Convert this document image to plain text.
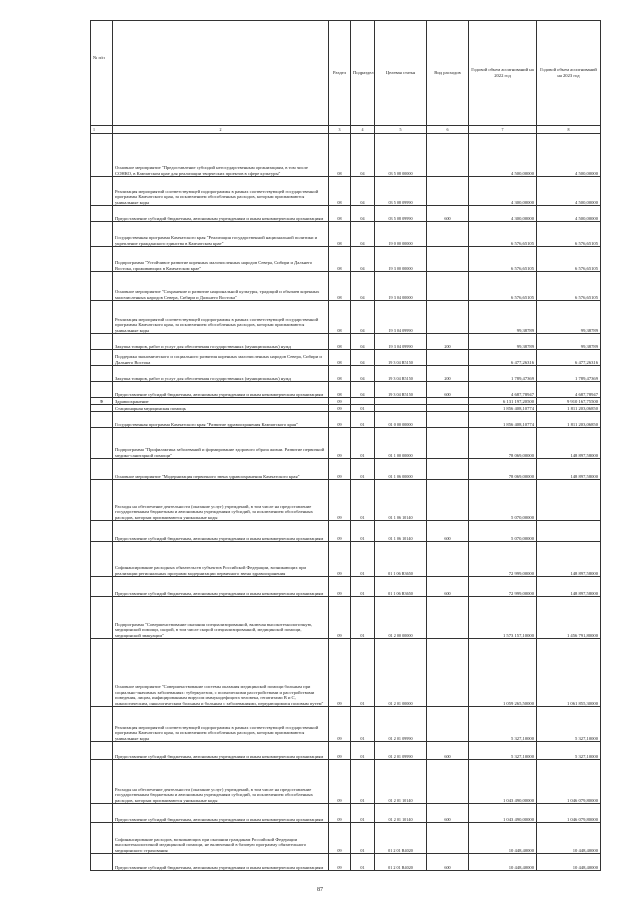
№ п/п		Раздел	Подраздел	Целевая статья	Вид расходов	Годовой объем ассигнований на 2022 год	Годовой объем ассигнований на 2023 год
1	2	3	4	5	6	7	8
	Основное мероприятие "Предоставление субсидий негосударственным организациям, в том числе СОНКО, в Камчатском крае для реализации творческих проектов в сфере культуры"	08	04	03 5 08 00000		4 500,00000	4 500,00000
	Реализация мероприятий соответствующей подпрограммы в рамках соответствующей государственной программы Камчатского края, за исключением обособленных расходов, которым присваиваются уникальные коды	08	04	03 5 08 09990		4 300,00000	4 500,00000
	Предоставление субсидий бюджетным, автономным учреждениям и иным некоммерческим организациям	08	04	03 5 08 09990	600	4 300,00000	4 500,00000
	Государственная программа Камчатского края "Реализация государственной национальной политики и укрепление гражданского единства в Камчатском крае"	08	04	19 0 00 00000		6 576,65105	6 576,65105
	Подпрограмма "Устойчивое развитие коренных малочисленных народов Севера, Сибири и Дальнего Востока, проживающих в Камчатском крае"	08	04	19 3 00 00000		6 576,65105	6 576,65105
	Основное мероприятие "Сохранение и развитие национальной культуры, традиций и обычаев коренных малочисленных народов Севера, Сибири и Дальнего Востока"	08	04	19 3 04 00000		6 576,65105	6 576,65105
	Реализация мероприятий соответствующей подпрограммы в рамках соответствующей государственной программы Камчатского края, за исключением обособленных расходов, которым присваиваются уникальные коды	08	04	19 3 04 09990		99,38789	99,38789
	Закупка товаров, работ и услуг для обеспечения государственных (муниципальных) нужд	08	04	19 3 04 09990	200	99,38789	99,38789
	Поддержка экономического и социального развития коренных малочисленных народов Севера, Сибири и Дальнего Востока	08	04	19 3 04 R5150		6 477,26316	6 477,26316
	Закупка товаров, работ и услуг для обеспечения государственных (муниципальных) нужд	08	04	19 3 04 R5150	200	1 789,47369	1 789,47369
	Предоставление субсидий бюджетным, автономным учреждениям и иным некоммерческим организациям	08	04	19 3 04 R5150	600	4 687,78947	4 687,78947
9	Здравоохранение	09				6 131 197,20500	9 910 167,75500
	Стационарная медицинская помощь	09	01			1 856 408,10774	1 811 203,06850
	Государственная программа Камчатского края "Развитие здравоохранения Камчатского края"	09	01	01 0 00 00000		1 856 408,10774	1 811 203,06850
	Подпрограмма "Профилактика заболеваний и формирование здорового образа жизни. Развитие первичной медико-санитарной помощи"	09	01	01 1 00 00000		78 069,00000	148 897,58000
	Основное мероприятие "Модернизация первичного звена здравоохранения Камчатского края"	09	01	01 1 06 00000		78 069,00000	148 897,58000
	Расходы на обеспечение деятельности (оказание услуг) учреждений, в том числе на предоставление государственным бюджетным и автономным учреждениям субсидий, за исключением обособленных расходов, которым присваиваются уникальные коды	09	01	01 1 06 10140		5 070,00000	
	Предоставление субсидий бюджетным, автономным учреждениям и иным некоммерческим организациям	09	01	01 1 06 10140	600	5 070,00000	
	Софинансирование расходных обязательств субъектов Российской Федерации, возникающих при реализации региональных программ модернизации первичного звена здравоохранения	09	01	01 1 06 R3650		72 999,00000	148 897,58000
	Предоставление субсидий бюджетным, автономным учреждениям и иным некоммерческим организациям	09	01	01 1 06 R3650	600	72 999,00000	148 897,58000
	Подпрограмма "Совершенствование оказания специализированной, включая высокотехнологичную, медицинской помощи, скорой, в том числе скорой специализированной, медицинской помощи, медицинской эвакуации"	09	01	01 2 00 00000		1 573 157,10000	1 456 791,80000
	Основное мероприятие "Совершенствование системы оказания медицинской помощи больным при социально-значимых заболеваниях: туберкулезом, с психическими расстройствами и расстройствами поведения, лицам, инфицированным вирусом иммунодефицита человека, гепатитами B и C, онкологическим, онкологическим больным и больным с заболеваниями, передающимися половым путем"	09	01	01 2 01 00000		1 059 265,50000	1 061 855,30000
	Реализация мероприятий соответствующей подпрограммы в рамках соответствующей государственной программы Камчатского края, за исключением обособленных расходов, которым присваиваются уникальные коды	09	01	01 2 01 09990		5 327,10000	5 327,10000
	Предоставление субсидий бюджетным, автономным учреждениям и иным некоммерческим организациям	09	01	01 2 01 09990	600	5 327,10000	5 327,10000
	Расходы на обеспечение деятельности (оказание услуг) учреждений, в том числе на предоставление государственным бюджетным и автономным учреждениям субсидий, за исключением обособленных расходов, которым присваиваются уникальные коды	09	01	01 2 01 10140		1 043 490,00000	1 046 079,80000
	Предоставление субсидий бюджетным, автономным учреждениям и иным некоммерческим организациям	09	01	01 2 01 10140	600	1 043 490,00000	1 046 079,80000
	Софинансирование расходов, возникающих при оказании гражданам Российской Федерации высокотехнологичной медицинской помощи, не включенной в базовую программу обязательного медицинского страхования	09	01	01 2 01 R4020		10 448,40000	10 448,40000
	Предоставление субсидий бюджетным, автономным учреждениям и иным некоммерческим организациям	09	01	01 2 01 R4020	600	10 448,40000	10 448,40000
87
